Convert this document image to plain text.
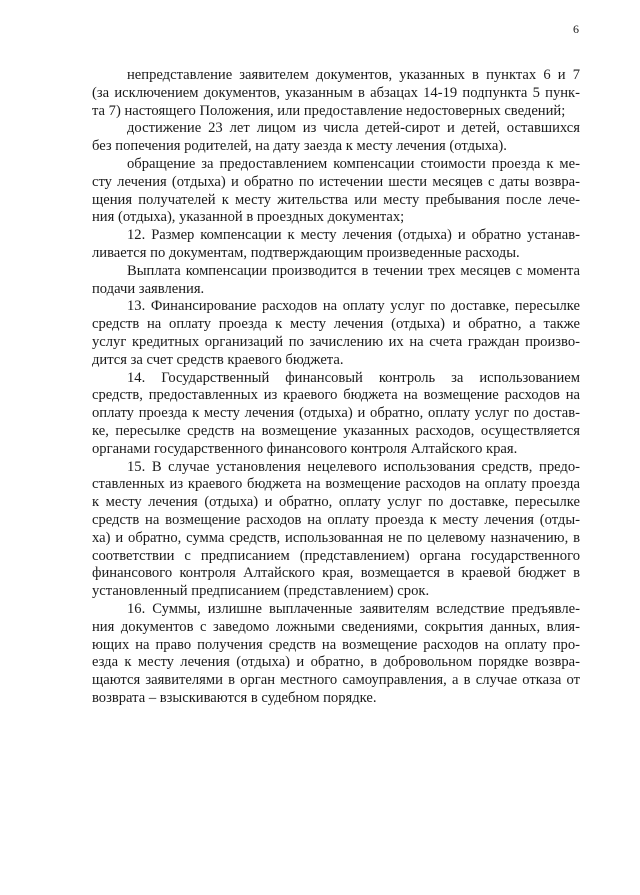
6
непредставление заявителем документов, указанных в пунктах 6 и 7
(за исключением документов, указанным в абзацах 14-19 подпункта 5 пунк-
та 7) настоящего Положения, или предоставление недостоверных сведений;
достижение 23 лет лицом из числа детей-сирот и детей, оставшихся
без попечения родителей, на дату заезда к месту лечения (отдыха).
обращение за предоставлением компенсации стоимости проезда к ме-
сту лечения (отдыха) и обратно по истечении шести месяцев с даты возвра-
щения получателей к месту жительства или месту пребывания после лече-
ния (отдыха), указанной в проездных документах;
12. Размер компенсации к месту лечения (отдыха) и обратно устанав-
ливается по документам, подтверждающим произведенные расходы.
Выплата компенсации производится в течении трех месяцев с момента
подачи заявления.
13. Финансирование расходов на оплату услуг по доставке, пересылке
средств на оплату проезда к месту лечения (отдыха) и обратно, а также
услуг кредитных организаций по зачислению их на счета граждан произво-
дится за счет средств краевого бюджета.
14. Государственный финансовый контроль за использованием
средств, предоставленных из краевого бюджета на возмещение расходов на
оплату проезда к месту лечения (отдыха) и обратно, оплату услуг по достав-
ке, пересылке средств на возмещение указанных расходов, осуществляется
органами государственного финансового контроля Алтайского края.
15. В случае установления нецелевого использования средств, предо-
ставленных из краевого бюджета на возмещение расходов на оплату проезда
к месту лечения (отдыха) и обратно, оплату услуг по доставке, пересылке
средств на возмещение расходов на оплату проезда к месту лечения (отды-
ха) и обратно, сумма средств, использованная не по целевому назначению, в
соответствии с предписанием (представлением) органа государственного
финансового контроля Алтайского края, возмещается в краевой бюджет в
установленный предписанием (представлением) срок.
16. Суммы, излишне выплаченные заявителям вследствие предъявле-
ния документов с заведомо ложными сведениями, сокрытия данных, влия-
ющих на право получения средств на возмещение расходов на оплату про-
езда к месту лечения (отдыха) и обратно, в добровольном порядке возвра-
щаются заявителями в орган местного самоуправления, а в случае отказа от
возврата – взыскиваются в судебном порядке.
